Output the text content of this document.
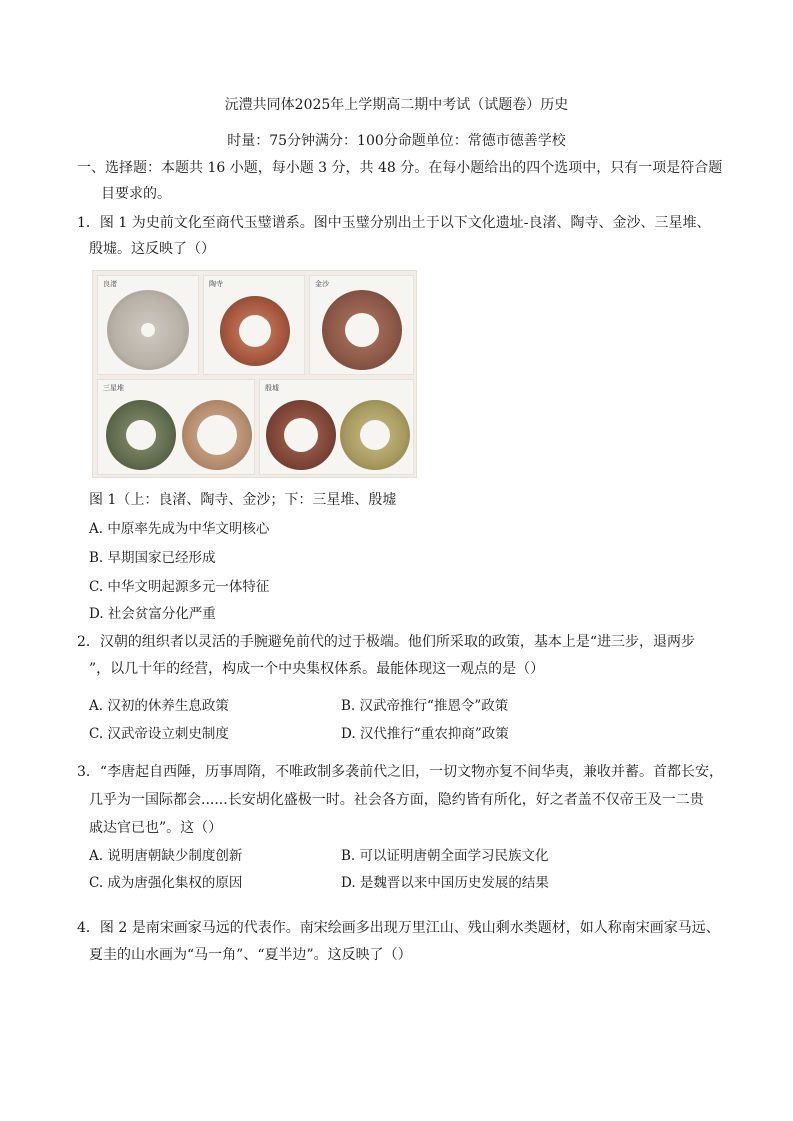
沅澧共同体2025年上学期高二期中考试（试题卷）历史
时量：75分钟满分：100分命题单位：常德市德善学校
一、选择题：本题共 16 小题，每小题 3 分，共 48 分。在每小题给出的四个选项中，只有一项是符合题
目要求的。
1．图 1 为史前文化至商代玉璧谱系。图中玉璧分别出土于以下文化遗址-良渚、陶寺、金沙、三星堆、
殷墟。这反映了（）
良渚	陶寺	金沙
三星堆	殷墟
图 1（上：良渚、陶寺、金沙；下：三星堆、殷墟
A. 中原率先成为中华文明核心
B. 早期国家已经形成
C. 中华文明起源多元一体特征
D. 社会贫富分化严重
2．汉朝的组织者以灵活的手腕避免前代的过于极端。他们所采取的政策，基本上是“进三步，退两步
”，以几十年的经营，构成一个中央集权体系。最能体现这一观点的是（）
A. 汉初的休养生息政策	B. 汉武帝推行“推恩令”政策
C. 汉武帝设立刺史制度	D. 汉代推行“重农抑商”政策
3．“李唐起自西陲，历事周隋，不唯政制多袭前代之旧，一切文物亦复不间华夷，兼收并蓄。首都长安，
几乎为一国际都会......长安胡化盛极一时。社会各方面，隐约皆有所化，好之者盖不仅帝王及一二贵
戚达官已也”。这（）
A. 说明唐朝缺少制度创新	B. 可以证明唐朝全面学习民族文化
C. 成为唐强化集权的原因	D. 是魏晋以来中国历史发展的结果
4．图 2 是南宋画家马远的代表作。南宋绘画多出现万里江山、残山剩水类题材，如人称南宋画家马远、
夏圭的山水画为“马一角”、“夏半边”。这反映了（）
